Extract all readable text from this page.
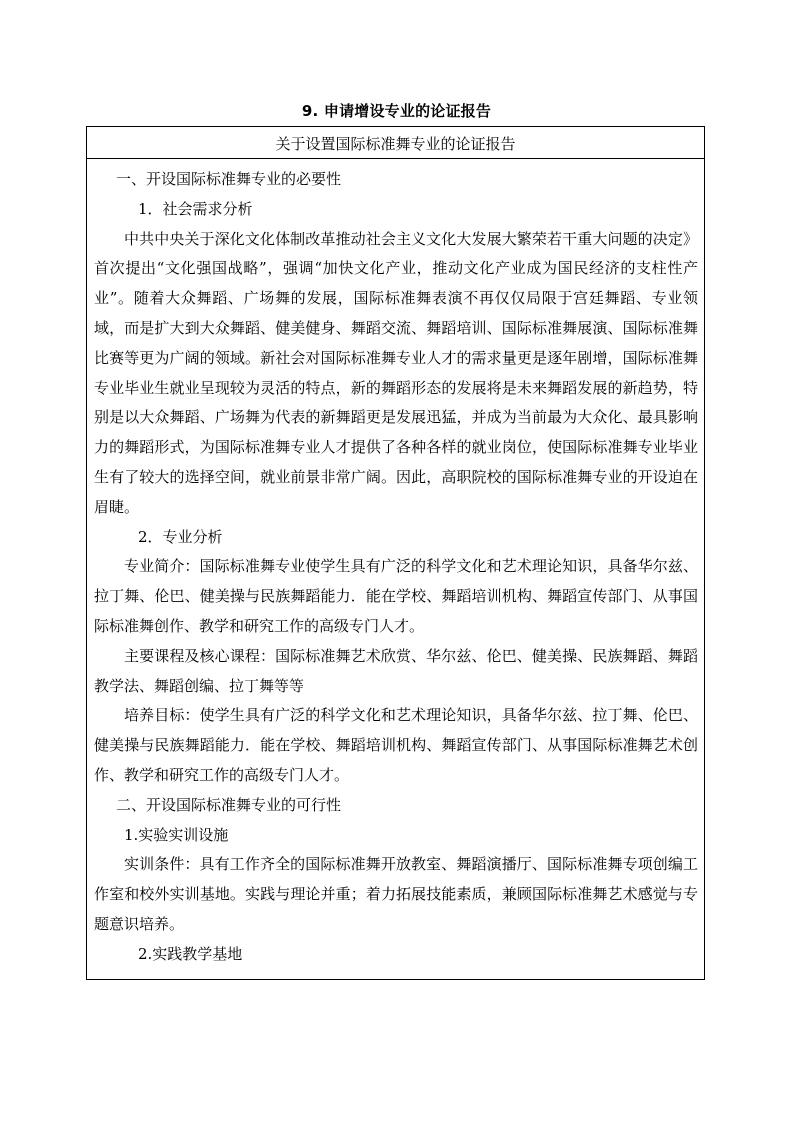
9. 申请增设专业的论证报告
关于设置国际标准舞专业的论证报告

一、开设国际标准舞专业的必要性

1．社会需求分析

中共中央关于深化文化体制改革推动社会主义文化大发展大繁荣若干重大问题的决定》首次提出“文化强国战略”，强调“加快文化产业，推动文化产业成为国民经济的支柱性产业”。随着大众舞蹈、广场舞的发展，国际标准舞表演不再仅仅局限于宫廷舞蹈、专业领域，而是扩大到大众舞蹈、健美健身、舞蹈交流、舞蹈培训、国际标准舞展演、国际标准舞比赛等更为广阔的领域。新社会对国际标准舞专业人才的需求量更是逐年剧增，国际标准舞专业毕业生就业呈现较为灵活的特点，新的舞蹈形态的发展将是未来舞蹈发展的新趋势，特别是以大众舞蹈、广场舞为代表的新舞蹈更是发展迅猛，并成为当前最为大众化、最具影响力的舞蹈形式，为国际标准舞专业人才提供了各种各样的就业岗位，使国际标准舞专业毕业生有了较大的选择空间，就业前景非常广阔。因此，高职院校的国际标准舞专业的开设迫在眉睫。

2．专业分析

专业简介：国际标准舞专业使学生具有广泛的科学文化和艺术理论知识，具备华尔兹、拉丁舞、伦巴、健美操与民族舞蹈能力．能在学校、舞蹈培训机构、舞蹈宣传部门、从事国际标准舞创作、教学和研究工作的高级专门人才。

主要课程及核心课程：国际标准舞艺术欣赏、华尔兹、伦巴、健美操、民族舞蹈、舞蹈教学法、舞蹈创编、拉丁舞等等

培养目标：使学生具有广泛的科学文化和艺术理论知识，具备华尔兹、拉丁舞、伦巴、健美操与民族舞蹈能力．能在学校、舞蹈培训机构、舞蹈宣传部门、从事国际标准舞艺术创作、教学和研究工作的高级专门人才。

二、开设国际标准舞专业的可行性

1.实验实训设施

实训条件：具有工作齐全的国际标准舞开放教室、舞蹈演播厅、国际标准舞专项创编工作室和校外实训基地。实践与理论并重；着力拓展技能素质，兼顾国际标准舞艺术感觉与专题意识培养。

2.实践教学基地
